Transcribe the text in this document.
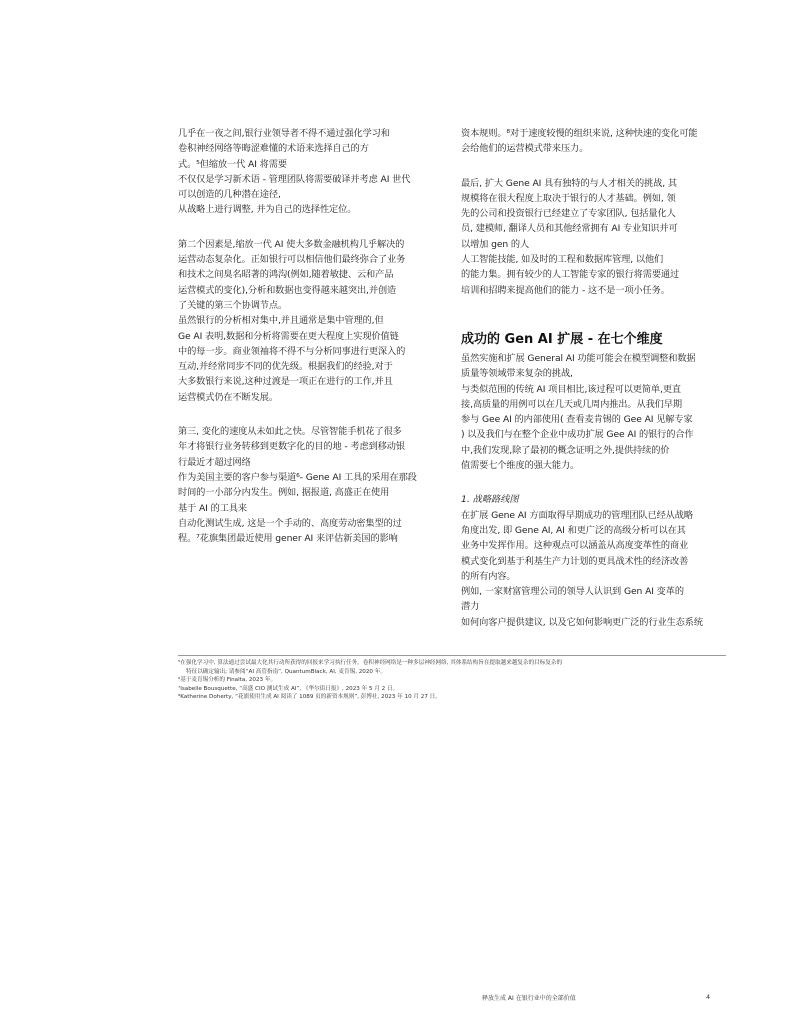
几乎在一夜之间,银行业领导者不得不通过强化学习和
卷积神经网络等晦涩难懂的术语来选择自己的方
式。⁵但缩放一代 AI 将需要
不仅仅是学习新术语 - 管理团队将需要破译并考虑 AI 世代
可以创造的几种潜在途径,
从战略上进行调整, 并为自己的选择性定位。
第二个因素是,缩放一代 AI 使大多数金融机构几乎解决的
运营动态复杂化。正如银行可以相信他们最终弥合了业务
和技术之间臭名昭著的鸿沟(例如,随着敏捷、云和产品
运营模式的变化),分析和数据也变得越来越突出,并创造
了关键的第三个协调节点。
虽然银行的分析相对集中,并且通常是集中管理的,但
Ge AI 表明,数据和分析将需要在更大程度上实现价值链
中的每一步。商业领袖将不得不与分析同事进行更深入的
互动,并经常同步不同的优先级。根据我们的经验,对于
大多数银行来说,这种过渡是一项正在进行的工作,并且
运营模式仍在不断发展。
第三, 变化的速度从未如此之快。尽管智能手机花了很多
年才将银行业务转移到更数字化的目的地 - 考虑到移动银
行最近才超过网络
作为美国主要的客户参与渠道⁶- Gene AI 工具的采用在那段
时间的一小部分内发生。例如, 据报道, 高盛正在使用
基于 AI 的工具来
自动化测试生成, 这是一个手动的、高度劳动密集型的过
程。⁷花旗集团最近使用 gener AI 来评估新美国的影响
资本规则。⁸对于速度较慢的组织来说, 这种快速的变化可能
会给他们的运营模式带来压力。
最后, 扩大 Gene AI 具有独特的与人才相关的挑战, 其
规模将在很大程度上取决于银行的人才基础。例如, 领
先的公司和投资银行已经建立了专家团队, 包括量化人
员, 建模师, 翻译人员和其他经常拥有 AI 专业知识并可
以增加 gen 的人
人工智能技能, 如及时的工程和数据库管理, 以他们
的能力集。拥有较少的人工智能专家的银行将需要通过
培训和招聘来提高他们的能力 - 这不是一项小任务。
成功的 Gen AI 扩展 - 在七个维度
虽然实施和扩展 General AI 功能可能会在模型调整和数据
质量等领域带来复杂的挑战,
与类似范围的传统 AI 项目相比,该过程可以更简单,更直
接,高质量的用例可以在几天或几周内推出。从我们早期
参与 Gee AI 的内部使用( 查看麦肯锡的 Gee AI 见解专家
) 以及我们与在整个企业中成功扩展 Gee AI 的银行的合作
中,我们发现,除了最初的概念证明之外,提供持续的价
值需要七个维度的强大能力。
1. 战略路线图
在扩展 Gene AI 方面取得早期成功的管理团队已经从战略
角度出发, 即 Gene AI, AI 和更广泛的高级分析可以在其
业务中发挥作用。这种观点可以涵盖从高度变革性的商业
模式变化到基于利基生产力计划的更具战术性的经济改善
的所有内容。
例如, 一家财富管理公司的领导人认识到 Gen AI 变革的
潜力
如何向客户提供建议, 以及它如何影响更广泛的行业生态系统
⁵在强化学习中, 算法通过尝试最大化其行动所获得的回报来学习执行任务。卷积神经网络是一种多层神经网络, 其体系结构旨在提取越来越复杂的目标复杂的
特征以确定输出; 请参阅“AI 高管指南”, QuantumBlack, AI, 麦肯锡, 2020 年。
⁶基于麦肯锡分析的 Finalta, 2023 年。
⁷Isabelle Bousquette, “高盛 CIO 测试生成 AI”, 《华尔街日报》, 2023 年 5 月 2 日。
⁸Katherine Doherty, “花旗使用生成 AI 阅读了 1089 页的新资本规则”, 彭博社, 2023 年 10 月 27 日。
释放生成 AI 在银行业中的全部价值	4
